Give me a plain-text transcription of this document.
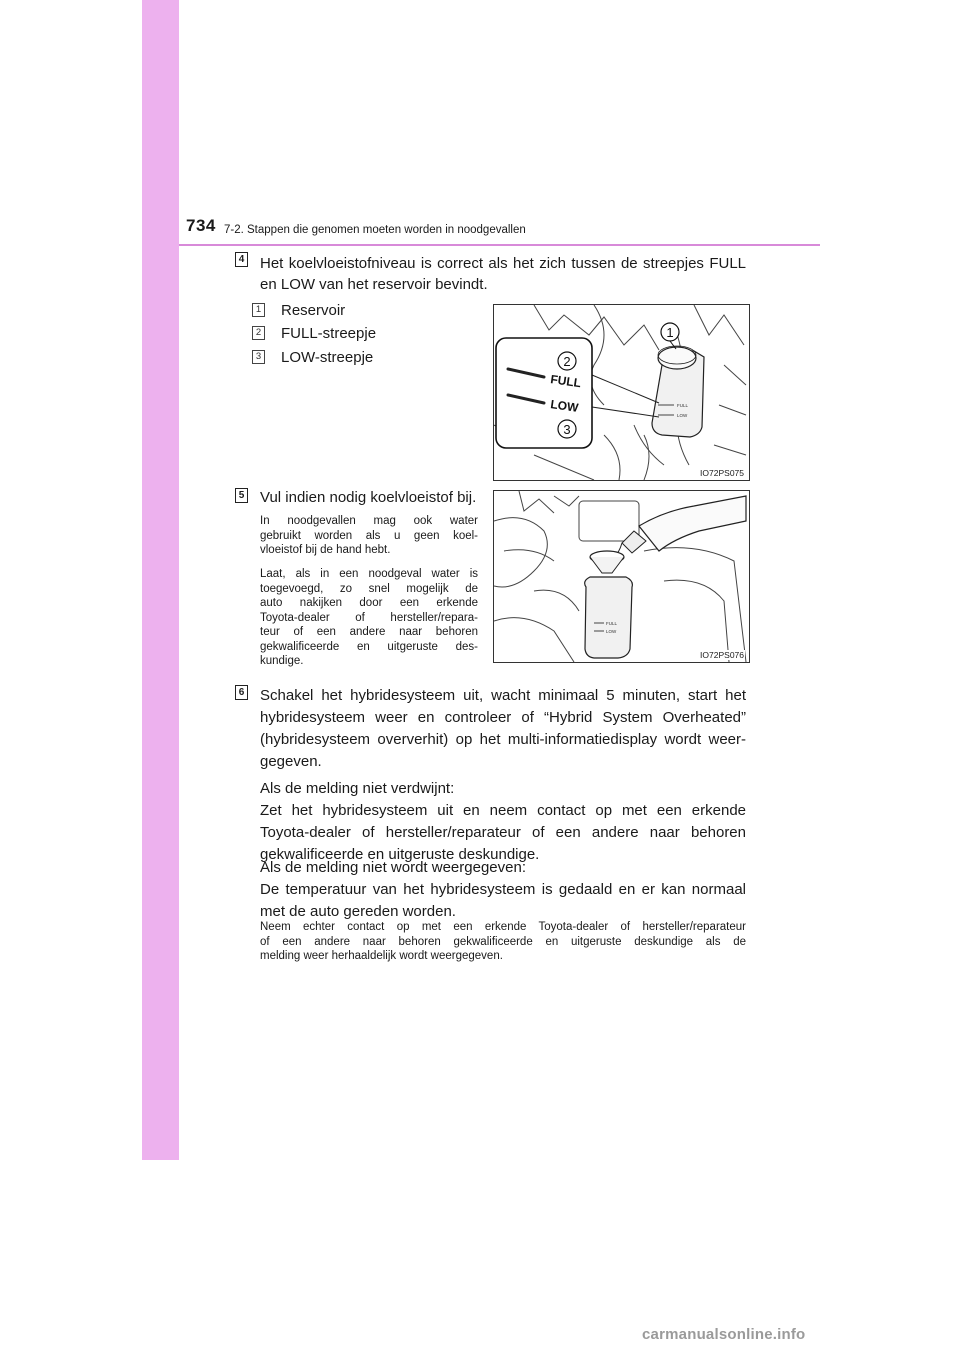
734 7-2. Stappen die genomen moeten worden in noodgevallen
4 Het koelvloeistofniveau is correct als het zich tussen de streepjes FULL
en LOW van het reservoir bevindt.
1 Reservoir
2 FULL-streepje
3 LOW-streepje
FULL
LOW
FULL
LOW
2
3
1
IO72PS075
5 Vul indien nodig koelvloeistof bij.
In noodgevallen mag ook water
gebruikt worden als u geen koel-
vloeistof bij de hand hebt.
Laat, als in een noodgeval water is
toegevoegd, zo snel mogelijk de
auto nakijken door een erkende
Toyota-dealer of hersteller/repara-
teur of een andere naar behoren
gekwalificeerde en uitgeruste des-
kundige.
FULL
LOW
IO72PS076
6 Schakel het hybridesysteem uit, wacht minimaal 5 minuten, start het
hybridesysteem weer en controleer of “Hybrid System Overheated”
(hybridesysteem oververhit) op het multi-informatiedisplay wordt weer-
gegeven.
Als de melding niet verdwijnt:
Zet het hybridesysteem uit en neem contact op met een erkende
Toyota-dealer of hersteller/reparateur of een andere naar behoren
gekwalificeerde en uitgeruste deskundige.
Als de melding niet wordt weergegeven:
De temperatuur van het hybridesysteem is gedaald en er kan normaal
met de auto gereden worden.
Neem echter contact op met een erkende Toyota-dealer of hersteller/reparateur
of een andere naar behoren gekwalificeerde en uitgeruste deskundige als de
melding weer herhaaldelijk wordt weergegeven.
carmanualsonline.info
